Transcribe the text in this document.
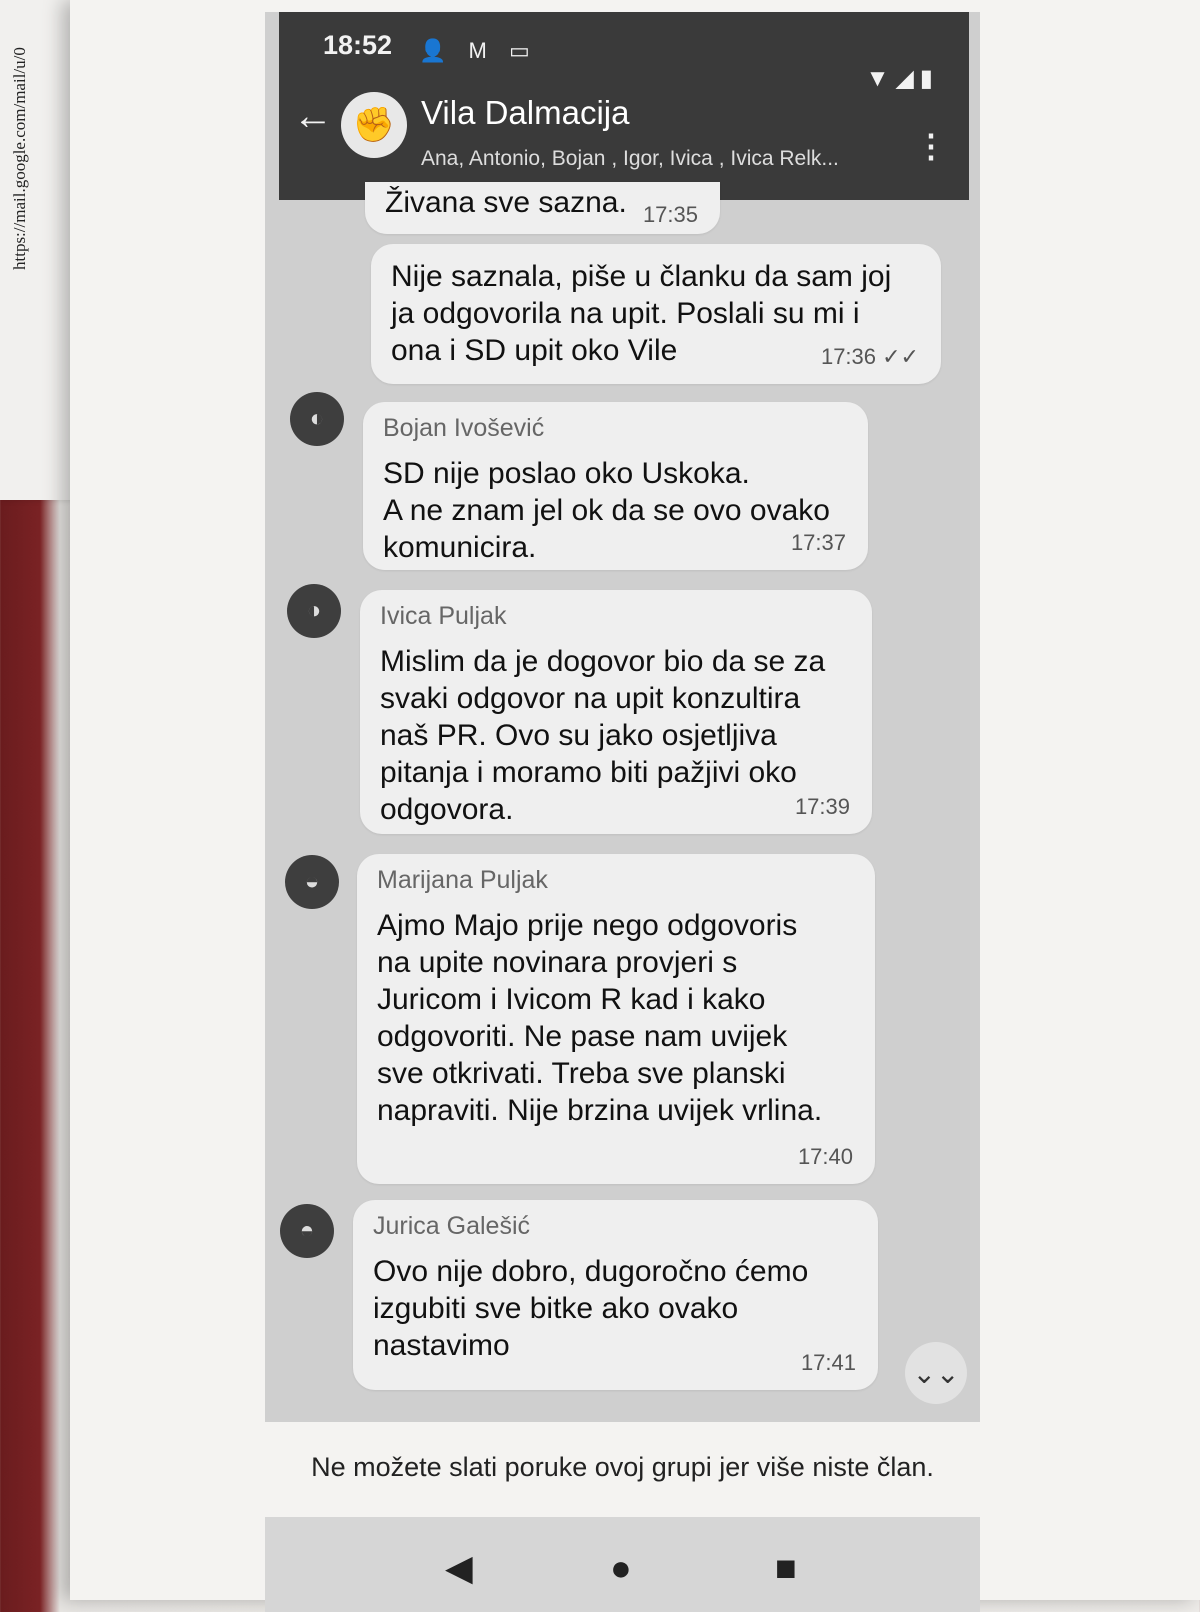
https://mail.google.com/mail/u/0
18:52 👤 M ▭
▼◢▮
← ✊ Vila Dalmacija
Ana, Antonio, Bojan , Igor, Ivica , Ivica Relk... ⋮
Živana sve sazna. 17:35
Nije saznala, piše u članku da sam joj
ja odgovorila na upit. Poslali su mi i
ona i SD upit oko Vile	17:36 ✓✓
◐	Bojan Ivošević
SD nije poslao oko Uskoka.
A ne znam jel ok da se ovo ovako
komunicira.	17:37
◑	Ivica Puljak
Mislim da je dogovor bio da se za
svaki odgovor na upit konzultira
naš PR. Ovo su jako osjetljiva
pitanja i moramo biti pažjivi oko
odgovora.	17:39
◒	Marijana Puljak
Ajmo Majo prije nego odgovoris
na upite novinara provjeri s
Juricom i Ivicom R kad i kako
odgovoriti. Ne pase nam uvijek
sve otkrivati. Treba sve planski
napraviti. Nije brzina uvijek vrlina.
17:40
◓	Jurica Galešić
Ovo nije dobro, dugoročno ćemo
izgubiti sve bitke ako ovako
nastavimo
17:41 ⌄⌄
Ne možete slati poruke ovoj grupi jer više niste član.
◀	●	■
